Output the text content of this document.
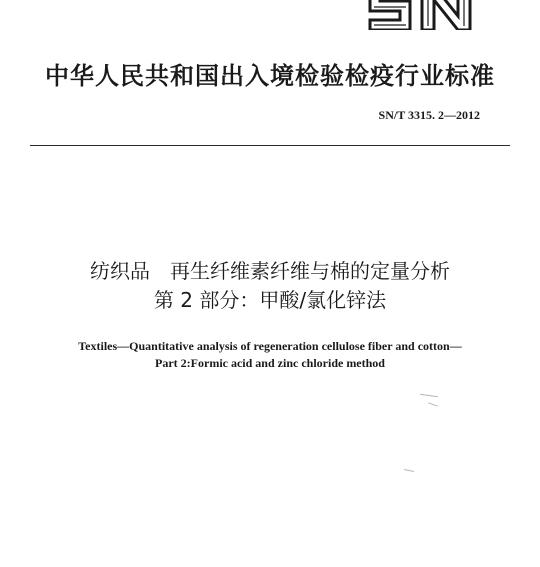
中华人民共和国出入境检验检疫行业标准
SN/T 3315. 2—2012
纺织品　再生纤维素纤维与棉的定量分析
第 2 部分：甲酸/氯化锌法
Textiles—Quantitative analysis of regeneration cellulose fiber and cotton—
Part 2:Formic acid and zinc chloride method
